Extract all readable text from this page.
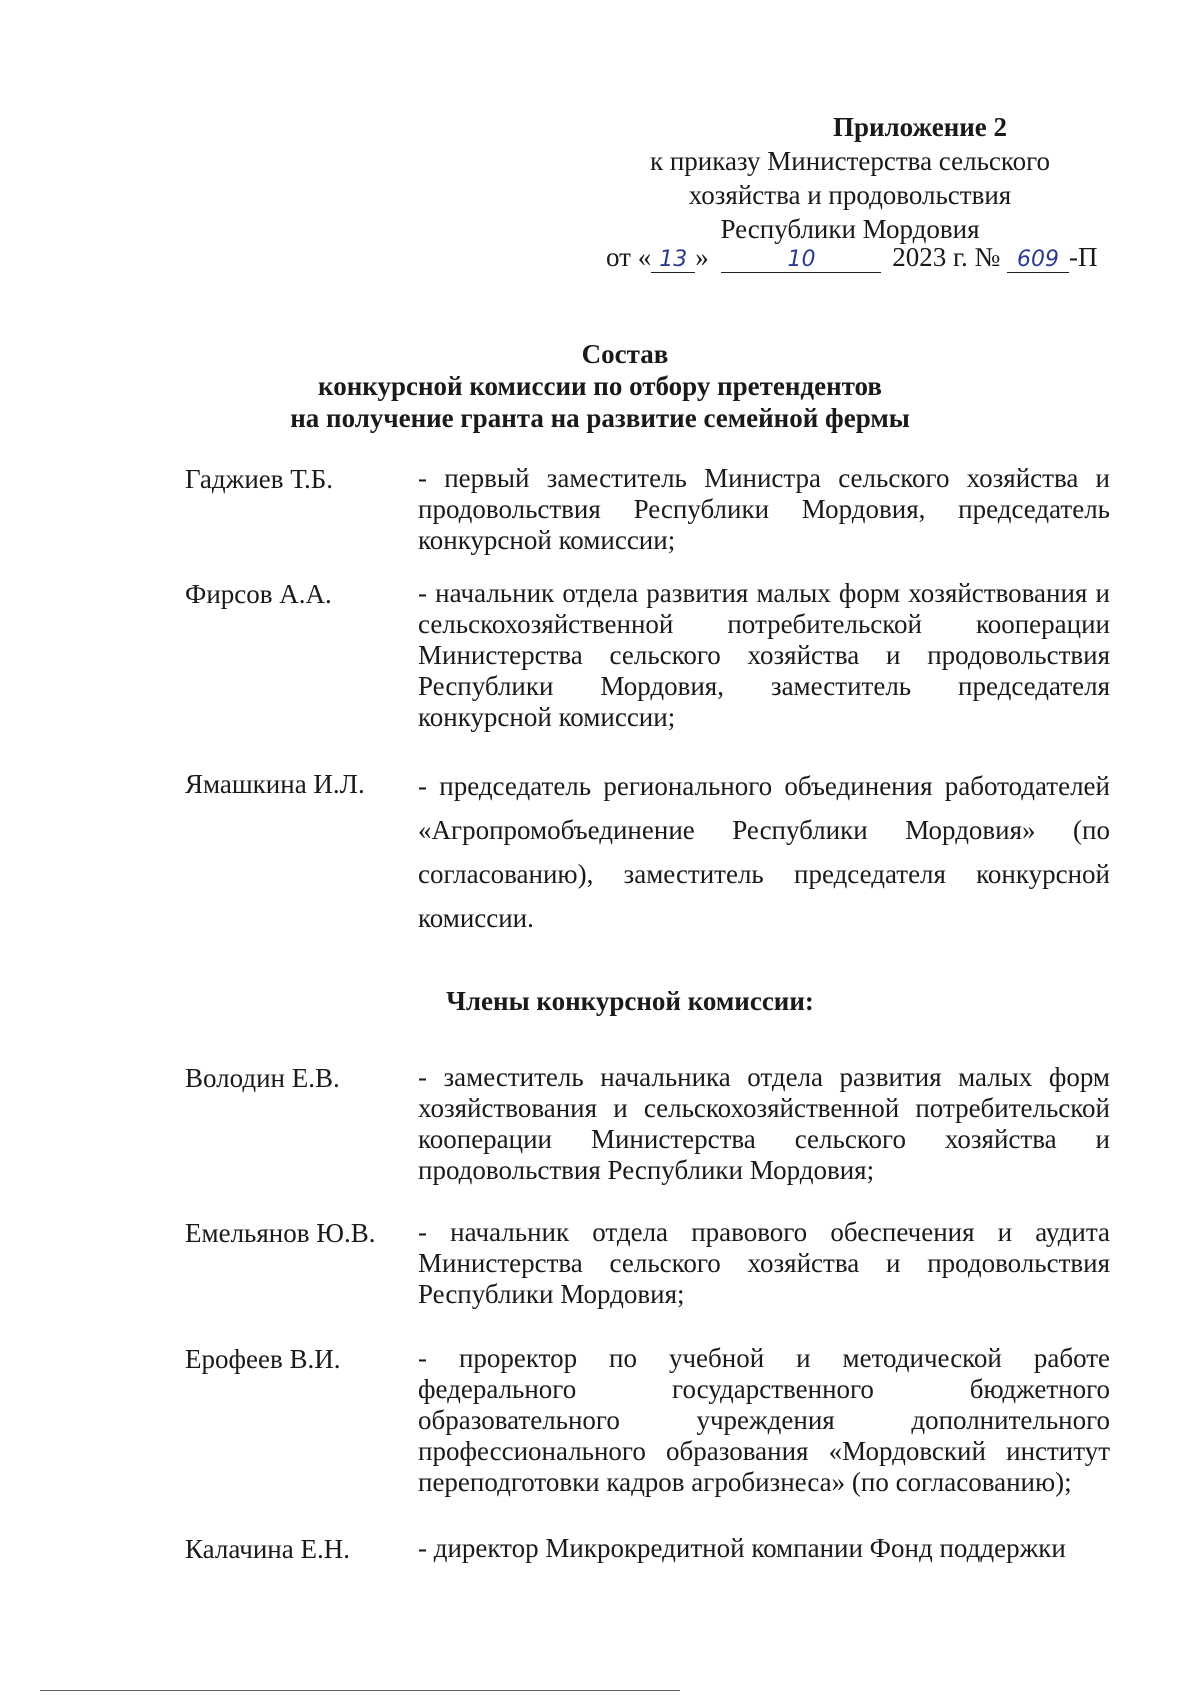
Приложение 2
к приказу Министерства сельского
хозяйства и продовольствия
Республики Мордовия
от « 13 »	10	2023 г. № 609 -П
Состав
конкурсной комиссии по отбору претендентов
на получение гранта на развитие семейной фермы
Гаджиев Т.Б.	- первый заместитель Министра сельского хозяйства и продовольствия Республики Мордовия, председатель конкурсной комиссии;
Фирсов А.А.	- начальник отдела развития малых форм хозяйствования и сельскохозяйственной потребительской кооперации Министерства сельского хозяйства и продовольствия Республики Мордовия, заместитель председателя конкурсной комиссии;
Ямашкина И.Л.	- председатель регионального объединения работодателей «Агропромобъединение Республики Мордовия» (по согласованию), заместитель председателя конкурсной комиссии.
Члены конкурсной комиссии:
Володин Е.В.	- заместитель начальника отдела развития малых форм хозяйствования и сельскохозяйственной потребительской кооперации Министерства сельского хозяйства и продовольствия Республики Мордовия;
Емельянов Ю.В.	- начальник отдела правового обеспечения и аудита Министерства сельского хозяйства и продовольствия Республики Мордовия;
Ерофеев В.И.	- проректор по учебной и методической работе федерального государственного бюджетного образовательного учреждения дополнительного профессионального образования «Мордовский институт переподготовки кадров агробизнеса» (по согласованию);
Калачина Е.Н.	- директор Микрокредитной компании Фонд поддержки
